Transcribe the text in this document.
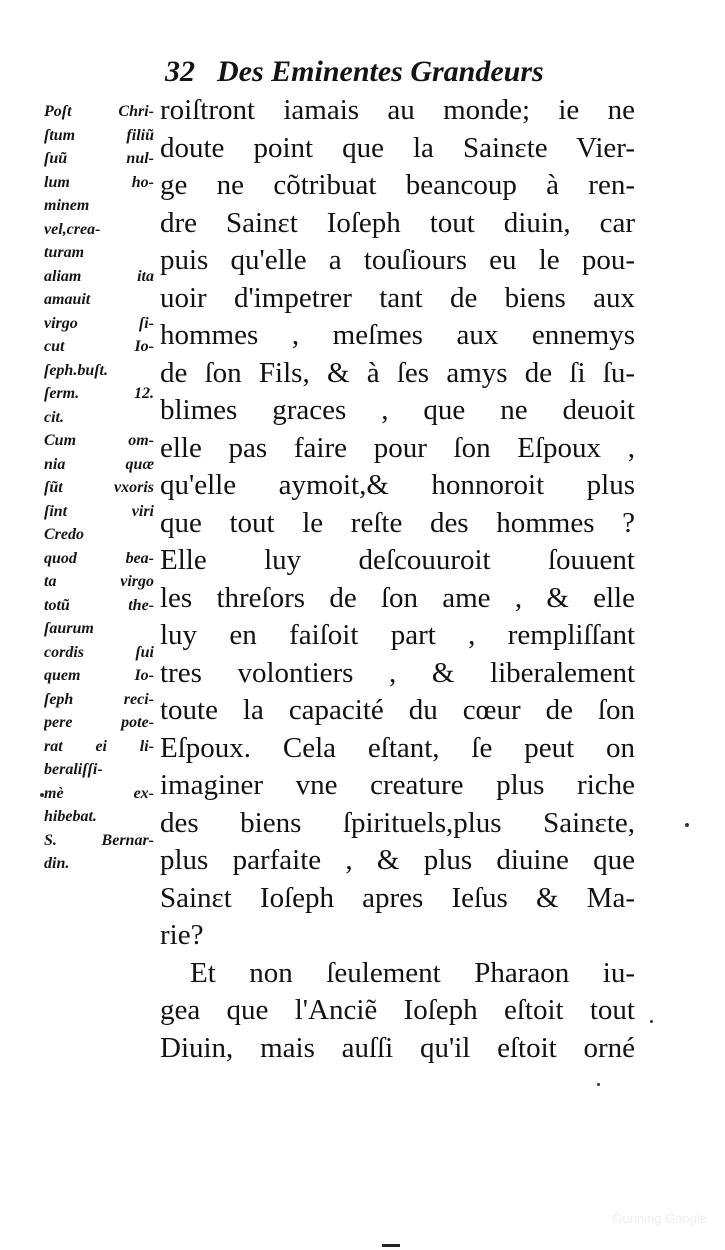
32 Des Eminentes Grandeurs
Poſt Chri-
ſtum filiũ
ſuũ nul-
lum ho-
minem
vel,crea-
turam
aliam ita
amauit
virgo ſi-
cut Io-
ſeph.buſt.
ſerm. 12.
cit.
Cum om-
nia quæ
ſũt vxoris
ſint viri
Credo
quod bea-
ta virgo
totũ the-
ſaurum
cordis ſui
quem Io-
ſeph reci-
pere pote-
rat ei li-
beraliſſi-
mè ex-
hibebat.
S. Bernar-
din.
roiſtront iamais au monde; ie ne
doute point que la Sainɛte Vier-
ge ne cõtribuat beancoup à ren-
dre Sainɛt Ioſeph tout diuin, car
puis qu'elle a touſiours eu le pou-
uoir d'impetrer tant de biens aux
hommes , meſmes aux ennemys
de ſon Fils, & à ſes amys de ſi ſu-
blimes graces , que ne deuoit
elle pas faire pour ſon Eſpoux ,
qu'elle aymoit,& honnoroit plus
que tout le reſte des hommes ?
Elle luy deſcouuroit ſouuent
les threſors de ſon ame , & elle
luy en faiſoit part , rempliſſant
tres volontiers , & liberalement
toute la capacité du cœur de ſon
Eſpoux. Cela eſtant, ſe peut on
imaginer vne creature plus riche
des biens ſpirituels,plus Sainɛte,
plus parfaite , & plus diuine que
Sainɛt Ioſeph apres Ieſus & Ma-
rie?
Et non ſeulement Pharaon iu-
gea que l'Anciẽ Ioſeph eſtoit tout
Diuin, mais auſſi qu'il eſtoit orné
Gunning Google
